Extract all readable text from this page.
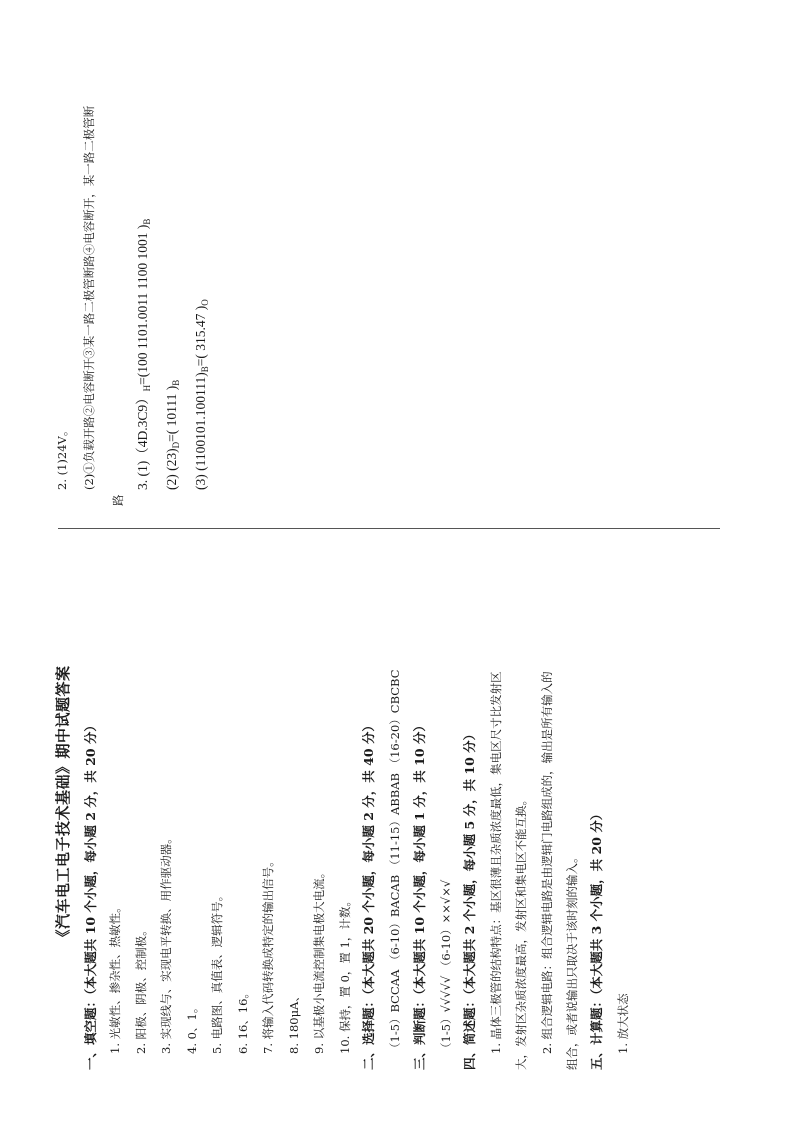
《汽车电工电子技术基础》期中试题答案
一、填空题：（本大题共 10 个小题，每小题 2 分，共 20 分） 1. 光敏性、掺杂性、热敏性。 2. 阳极、阴极、控制极。 3. 实现线与、实现电平转换、用作驱动器。 4. 0、1。 5. 电路图、真值表、逻辑符号。 6. 16、16。 7. 将输入代码转换成特定的输出信号。 8. 180μA、 9. 以基极小电流控制集电极大电流。 10. 保持，置 0，置 1，计数。
二、选择题：（本大题共 20 个小题，每小题 2 分，共 40 分） （1-5）BCCAA （6-10）BACAB （11-15）ABBAB （16-20）CBCBC
三、判断题：（本大题共 10 个小题，每小题 1 分，共 10 分） （1-5）√√√√√ （6-10）××√×√
四、简述题：（本大题共 2 个小题，每小题 5 分，共 10 分） 1. 晶体三极管的结构特点：基区很薄且杂质浓度最低，集电区尺寸比发射区 大，发射区杂质浓度最高，发射区和集电区不能互换。 2. 组合逻辑电路：组合逻辑电路是由逻辑门电路组成的，输出是所有输入的 组合，或者说输出只取决于该时刻的输入。 五、计算题：（本大题共 3 个小题，共 20 分）
1. 放大状态
2. (1)24V。 (2)①负载开路②电容断开③某一路二极管断路④电容断开，某一路二极管断
路
3. $(1)(4D.3C9)_H=(100$ 1101.0011 1100 1001 )$_B$
(2) $(23)_D=$( 10111 )$_B$ (3) $(1100101.100111)_B=$( 315.47 )$_O$
